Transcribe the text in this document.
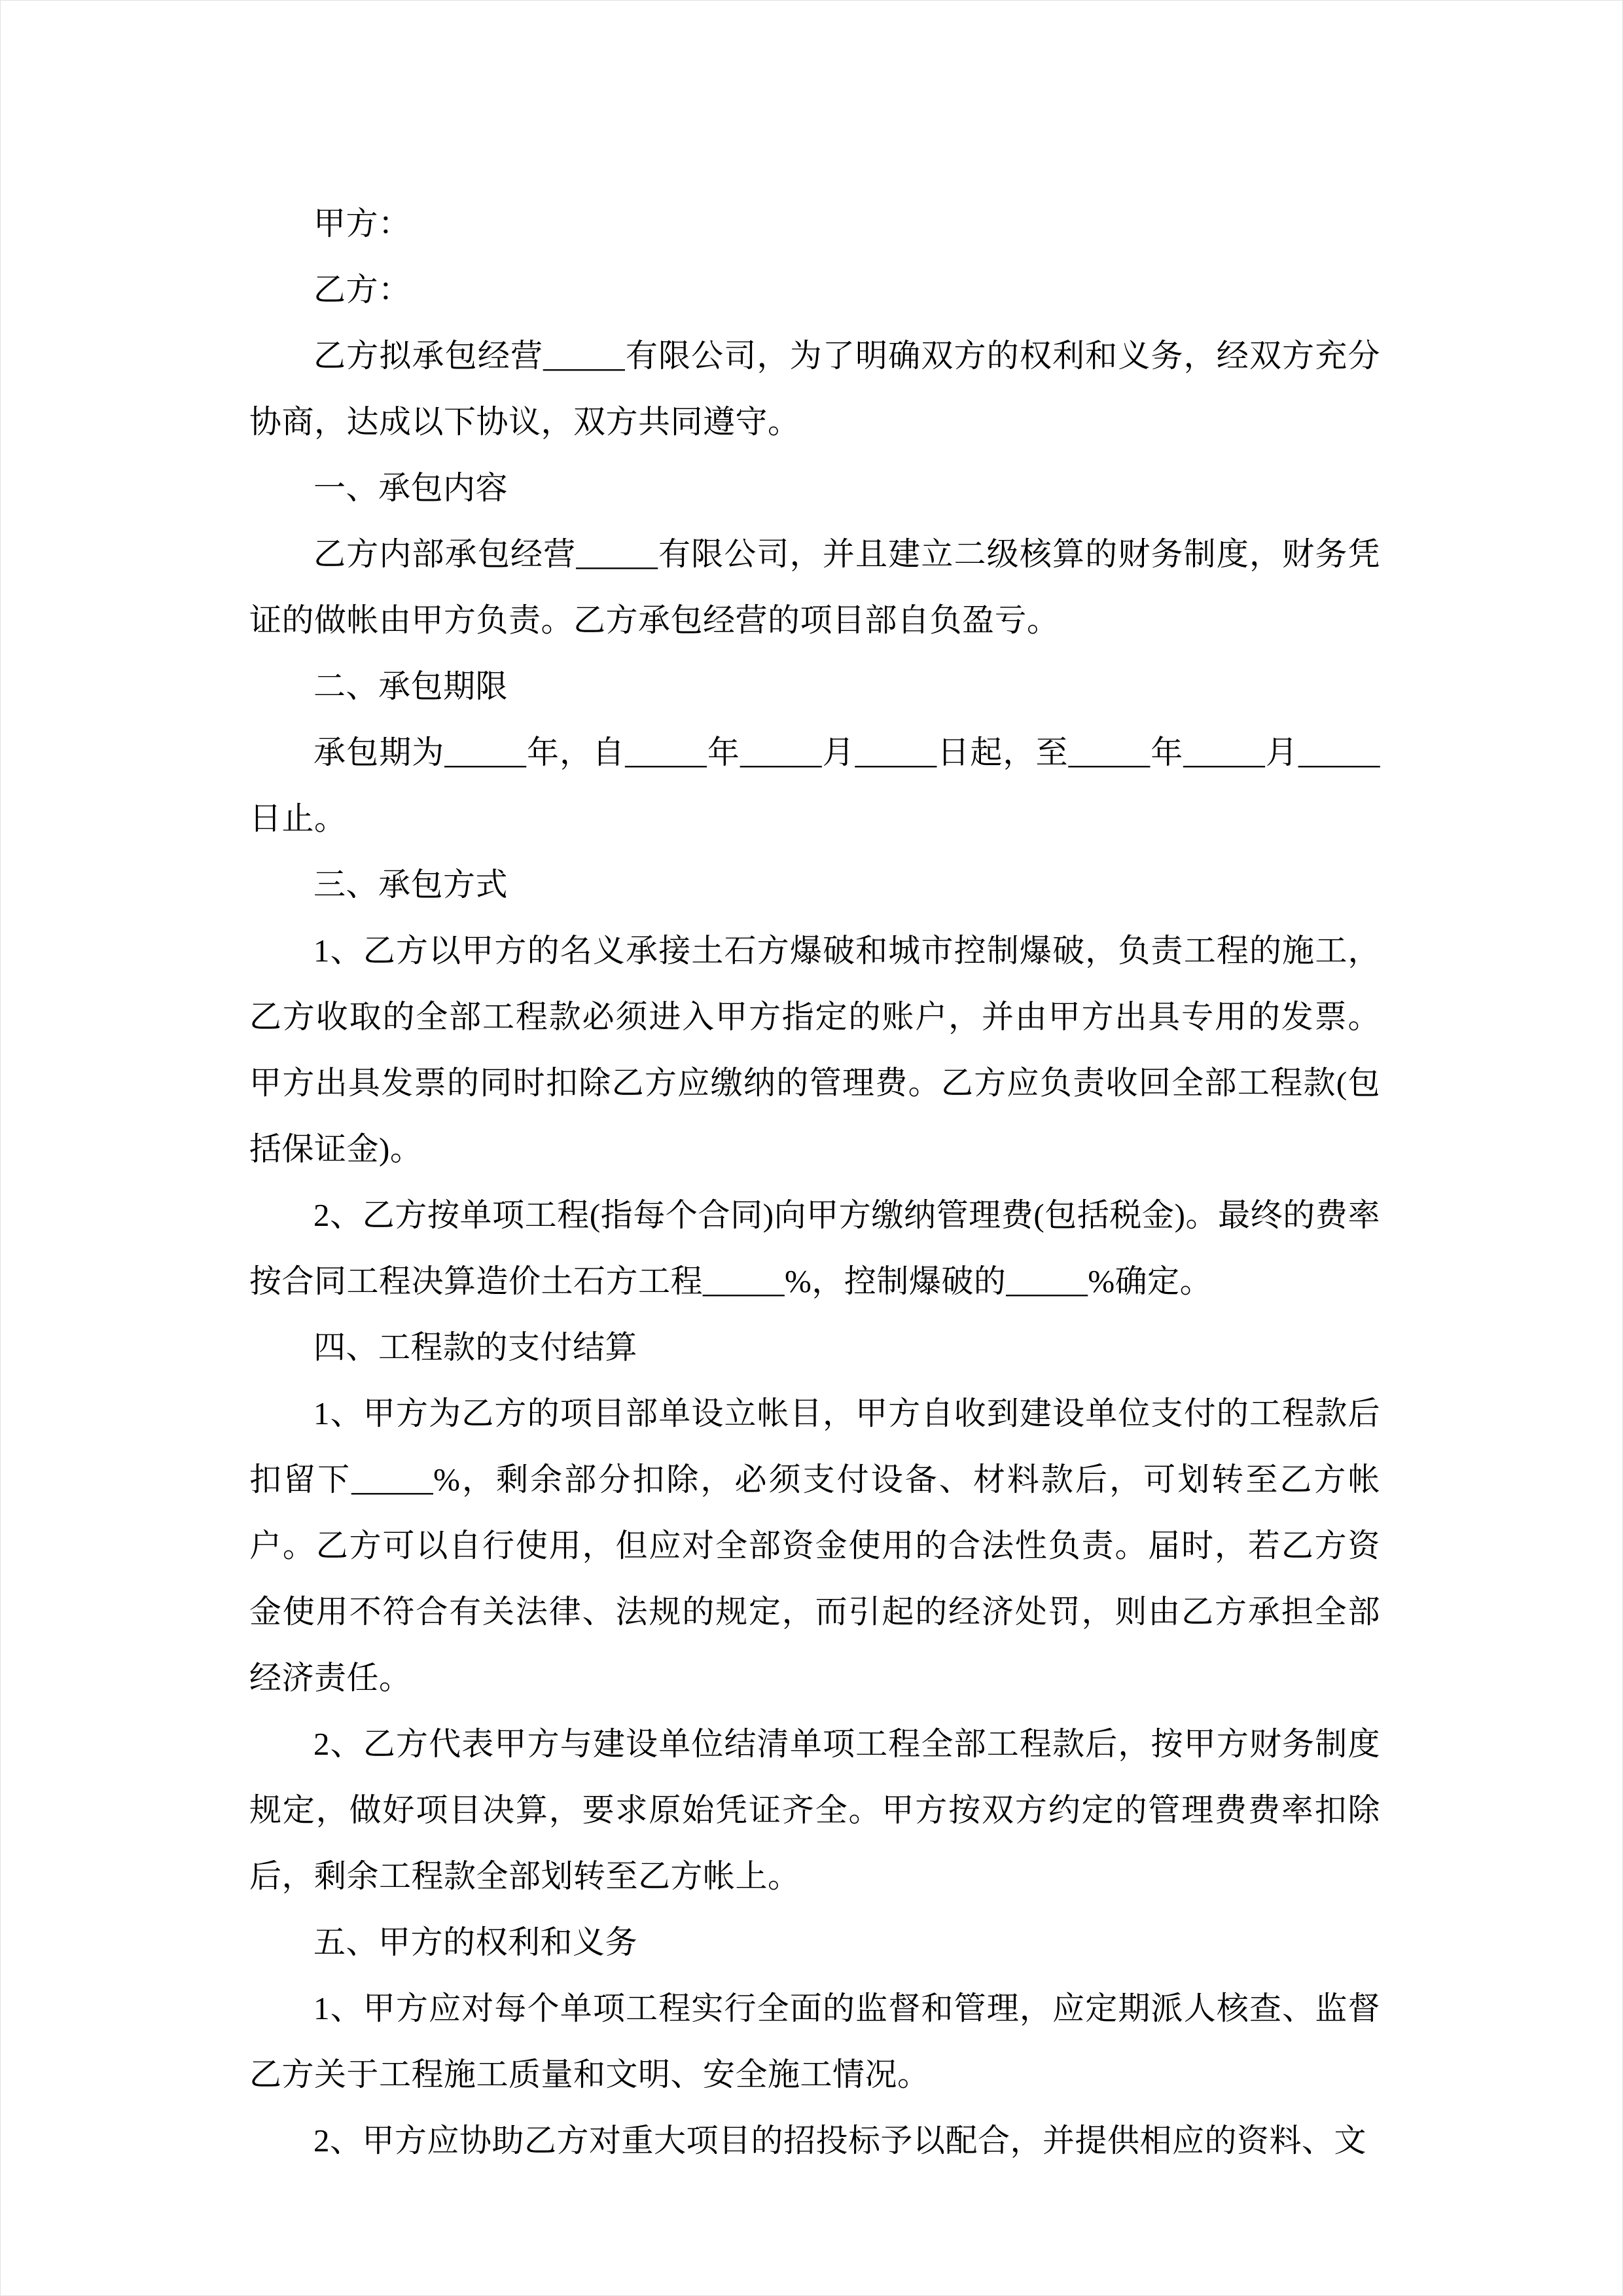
甲方：

乙方：

乙方拟承包经营_____有限公司，为了明确双方的权利和义务，经双方充分协商，达成以下协议，双方共同遵守。

一、承包内容

乙方内部承包经营_____有限公司，并且建立二级核算的财务制度，财务凭证的做帐由甲方负责。乙方承包经营的项目部自负盈亏。

二、承包期限

承包期为_____年，自_____年_____月_____日起，至_____年_____月_____日止。

三、承包方式

1、乙方以甲方的名义承接土石方爆破和城市控制爆破，负责工程的施工，乙方收取的全部工程款必须进入甲方指定的账户，并由甲方出具专用的发票。甲方出具发票的同时扣除乙方应缴纳的管理费。乙方应负责收回全部工程款(包括保证金)。

2、乙方按单项工程(指每个合同)向甲方缴纳管理费(包括税金)。最终的费率按合同工程决算造价土石方工程_____%，控制爆破的_____%确定。

四、工程款的支付结算

1、甲方为乙方的项目部单设立帐目，甲方自收到建设单位支付的工程款后扣留下_____%，剩余部分扣除，必须支付设备、材料款后，可划转至乙方帐户。乙方可以自行使用，但应对全部资金使用的合法性负责。届时，若乙方资金使用不符合有关法律、法规的规定，而引起的经济处罚，则由乙方承担全部经济责任。

2、乙方代表甲方与建设单位结清单项工程全部工程款后，按甲方财务制度规定，做好项目决算，要求原始凭证齐全。甲方按双方约定的管理费费率扣除后，剩余工程款全部划转至乙方帐上。

五、甲方的权利和义务

1、甲方应对每个单项工程实行全面的监督和管理，应定期派人核查、监督乙方关于工程施工质量和文明、安全施工情况。

2、甲方应协助乙方对重大项目的招投标予以配合，并提供相应的资料、文
